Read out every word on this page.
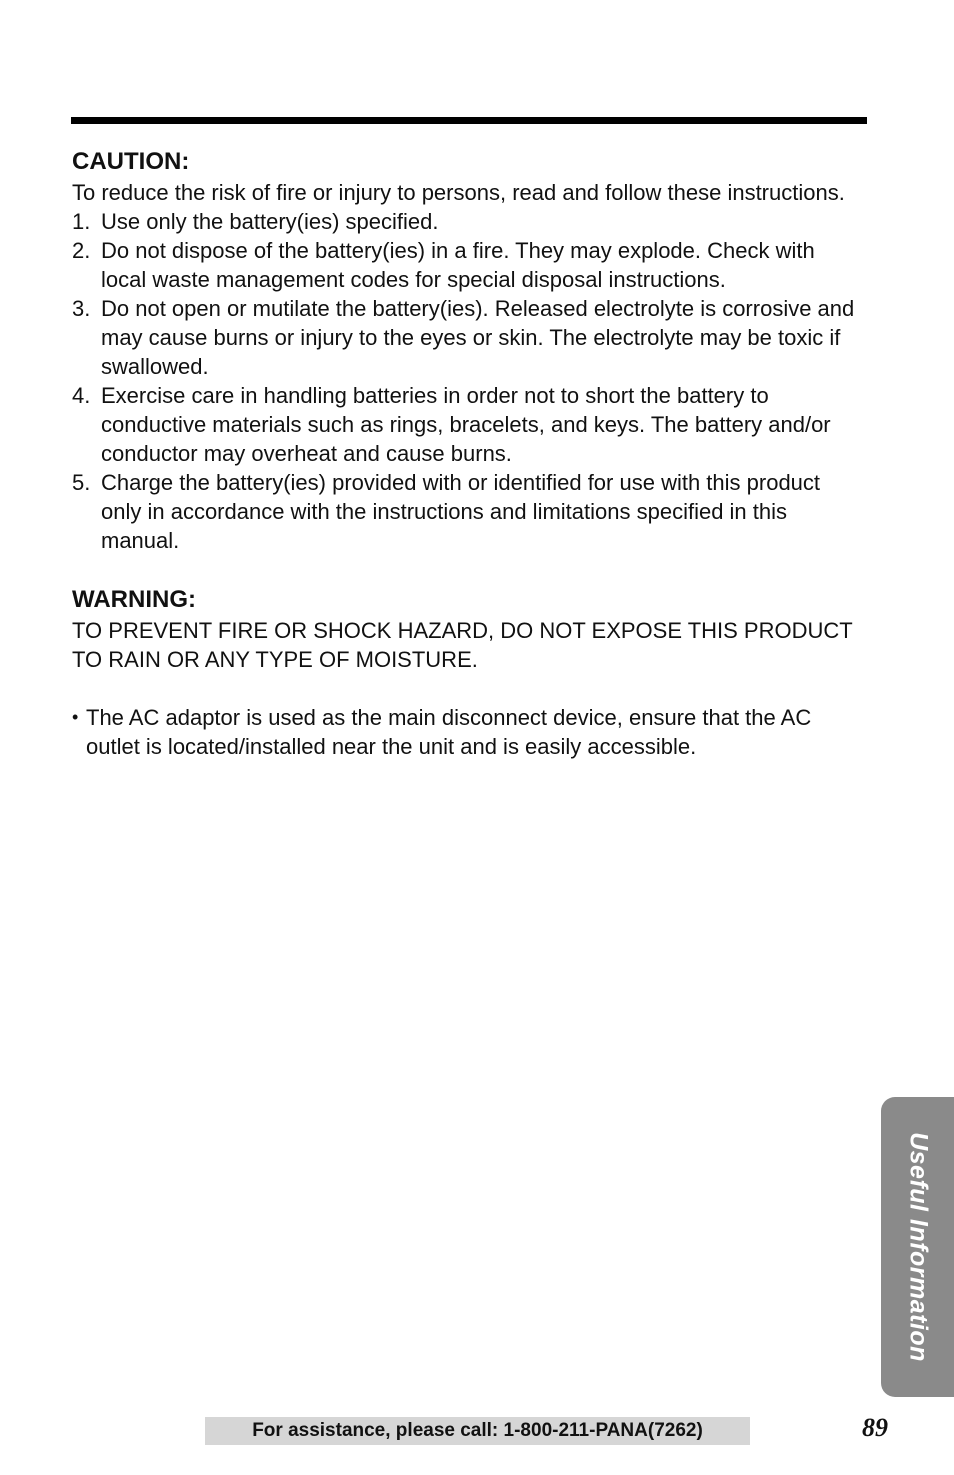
CAUTION:

To reduce the risk of fire or injury to persons, read and follow these instructions.

1. Use only the battery(ies) specified.
2. Do not dispose of the battery(ies) in a fire. They may explode. Check with local waste management codes for special disposal instructions.
3. Do not open or mutilate the battery(ies). Released electrolyte is corrosive and may cause burns or injury to the eyes or skin. The electrolyte may be toxic if swallowed.
4. Exercise care in handling batteries in order not to short the battery to conductive materials such as rings, bracelets, and keys. The battery and/or conductor may overheat and cause burns.
5. Charge the battery(ies) provided with or identified for use with this product only in accordance with the instructions and limitations specified in this manual.
WARNING:

TO PREVENT FIRE OR SHOCK HAZARD, DO NOT EXPOSE THIS PRODUCT TO RAIN OR ANY TYPE OF MOISTURE.

• The AC adaptor is used as the main disconnect device, ensure that the AC outlet is located/installed near the unit and is easily accessible.
Useful Information
For assistance, please call: 1-800-211-PANA(7262)	89
